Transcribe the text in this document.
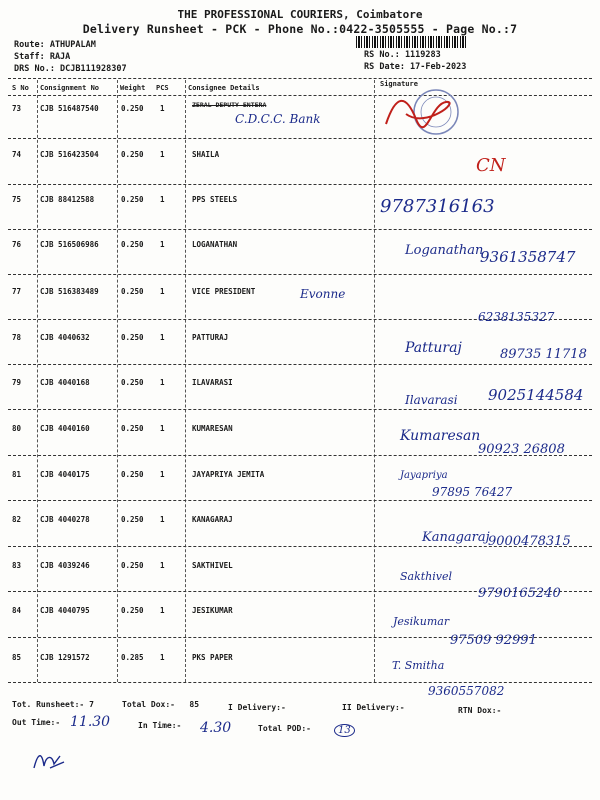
THE PROFESSIONAL COURIERS, Coimbatore
Delivery Runsheet - PCK - Phone No.:0422-3505555 - Page No.:7
Route: ATHUPALAM
Staff: RAJA
DRS No.: DCJB111928307
RS No.: 1119283
RS Date: 17-Feb-2023
S No Consignment No	Weight PCS	Consignee Details	Signature
73	CJB 516487540	0.250 1	ZERAL DEPUTY ENTERA
C.D.C.C. Bank
74	CJB 516423504	0.250 1	SHAILA
CN
75	CJB 88412588	0.250 1	PPS STEELS	9787316163
76	CJB 516506986	0.250 1	LOGANATHAN	Loganathan
9361358747
77	CJB 516383489	0.250 1	VICE PRESIDENT	Evonne
6238135327
78	CJB 4040632	0.250 1	PATTURAJ
Patturaj	89735 11718
79	CJB 4040168	0.250 1	ILAVARASI
Ilavarasi 9025144584
80	CJB 4040160	0.250 1	KUMARESAN	Kumaresan
90923 26808
81	CJB 4040175	0.250 1	JAYAPRIYA JEMITA	Jayapriya
97895 76427
82	CJB 4040278	0.250 1	KANAGARAJ
Kanagaraj
9000478315
83	CJB 4039246	0.250 1	SAKTHIVEL
Sakthivel
9790165240
84	CJB 4040795	0.250 1	JESIKUMAR
Jesikumar
97509 92991
85	CJB 1291572	0.285 1	PKS PAPER
T. Smitha
9360557082
Tot. Runsheet:- 7	Total Dox:-   85	I Delivery:-	II Delivery:-	RTN Dox:-
Out Time:- 11.30	In Time:- 4.30	Total POD:-	13
